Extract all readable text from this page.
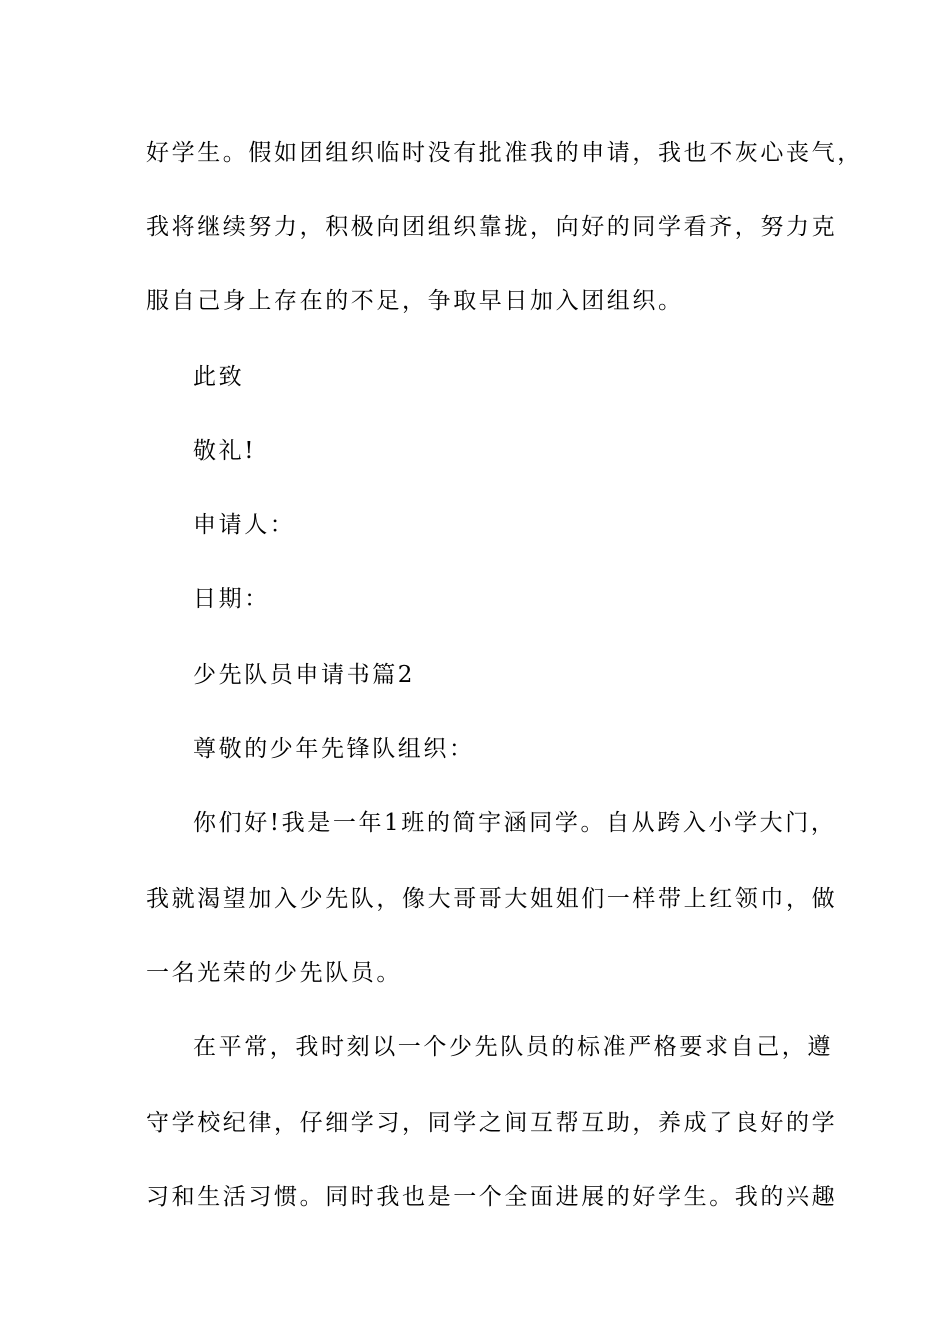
好学生。假如团组织临时没有批准我的申请，我也不灰心丧气，
我将继续努力，积极向团组织靠拢，向好的同学看齐，努力克
服自己身上存在的不足，争取早日加入团组织。
此致
敬礼!
申请人：
日期：
少先队员申请书篇2
尊敬的少年先锋队组织：
你们好!我是一年1班的简宇涵同学。自从跨入小学大门，
我就渴望加入少先队，像大哥哥大姐姐们一样带上红领巾，做
一名光荣的少先队员。
在平常，我时刻以一个少先队员的标准严格要求自己，遵
守学校纪律，仔细学习，同学之间互帮互助，养成了良好的学
习和生活习惯。同时我也是一个全面进展的好学生。我的兴趣
